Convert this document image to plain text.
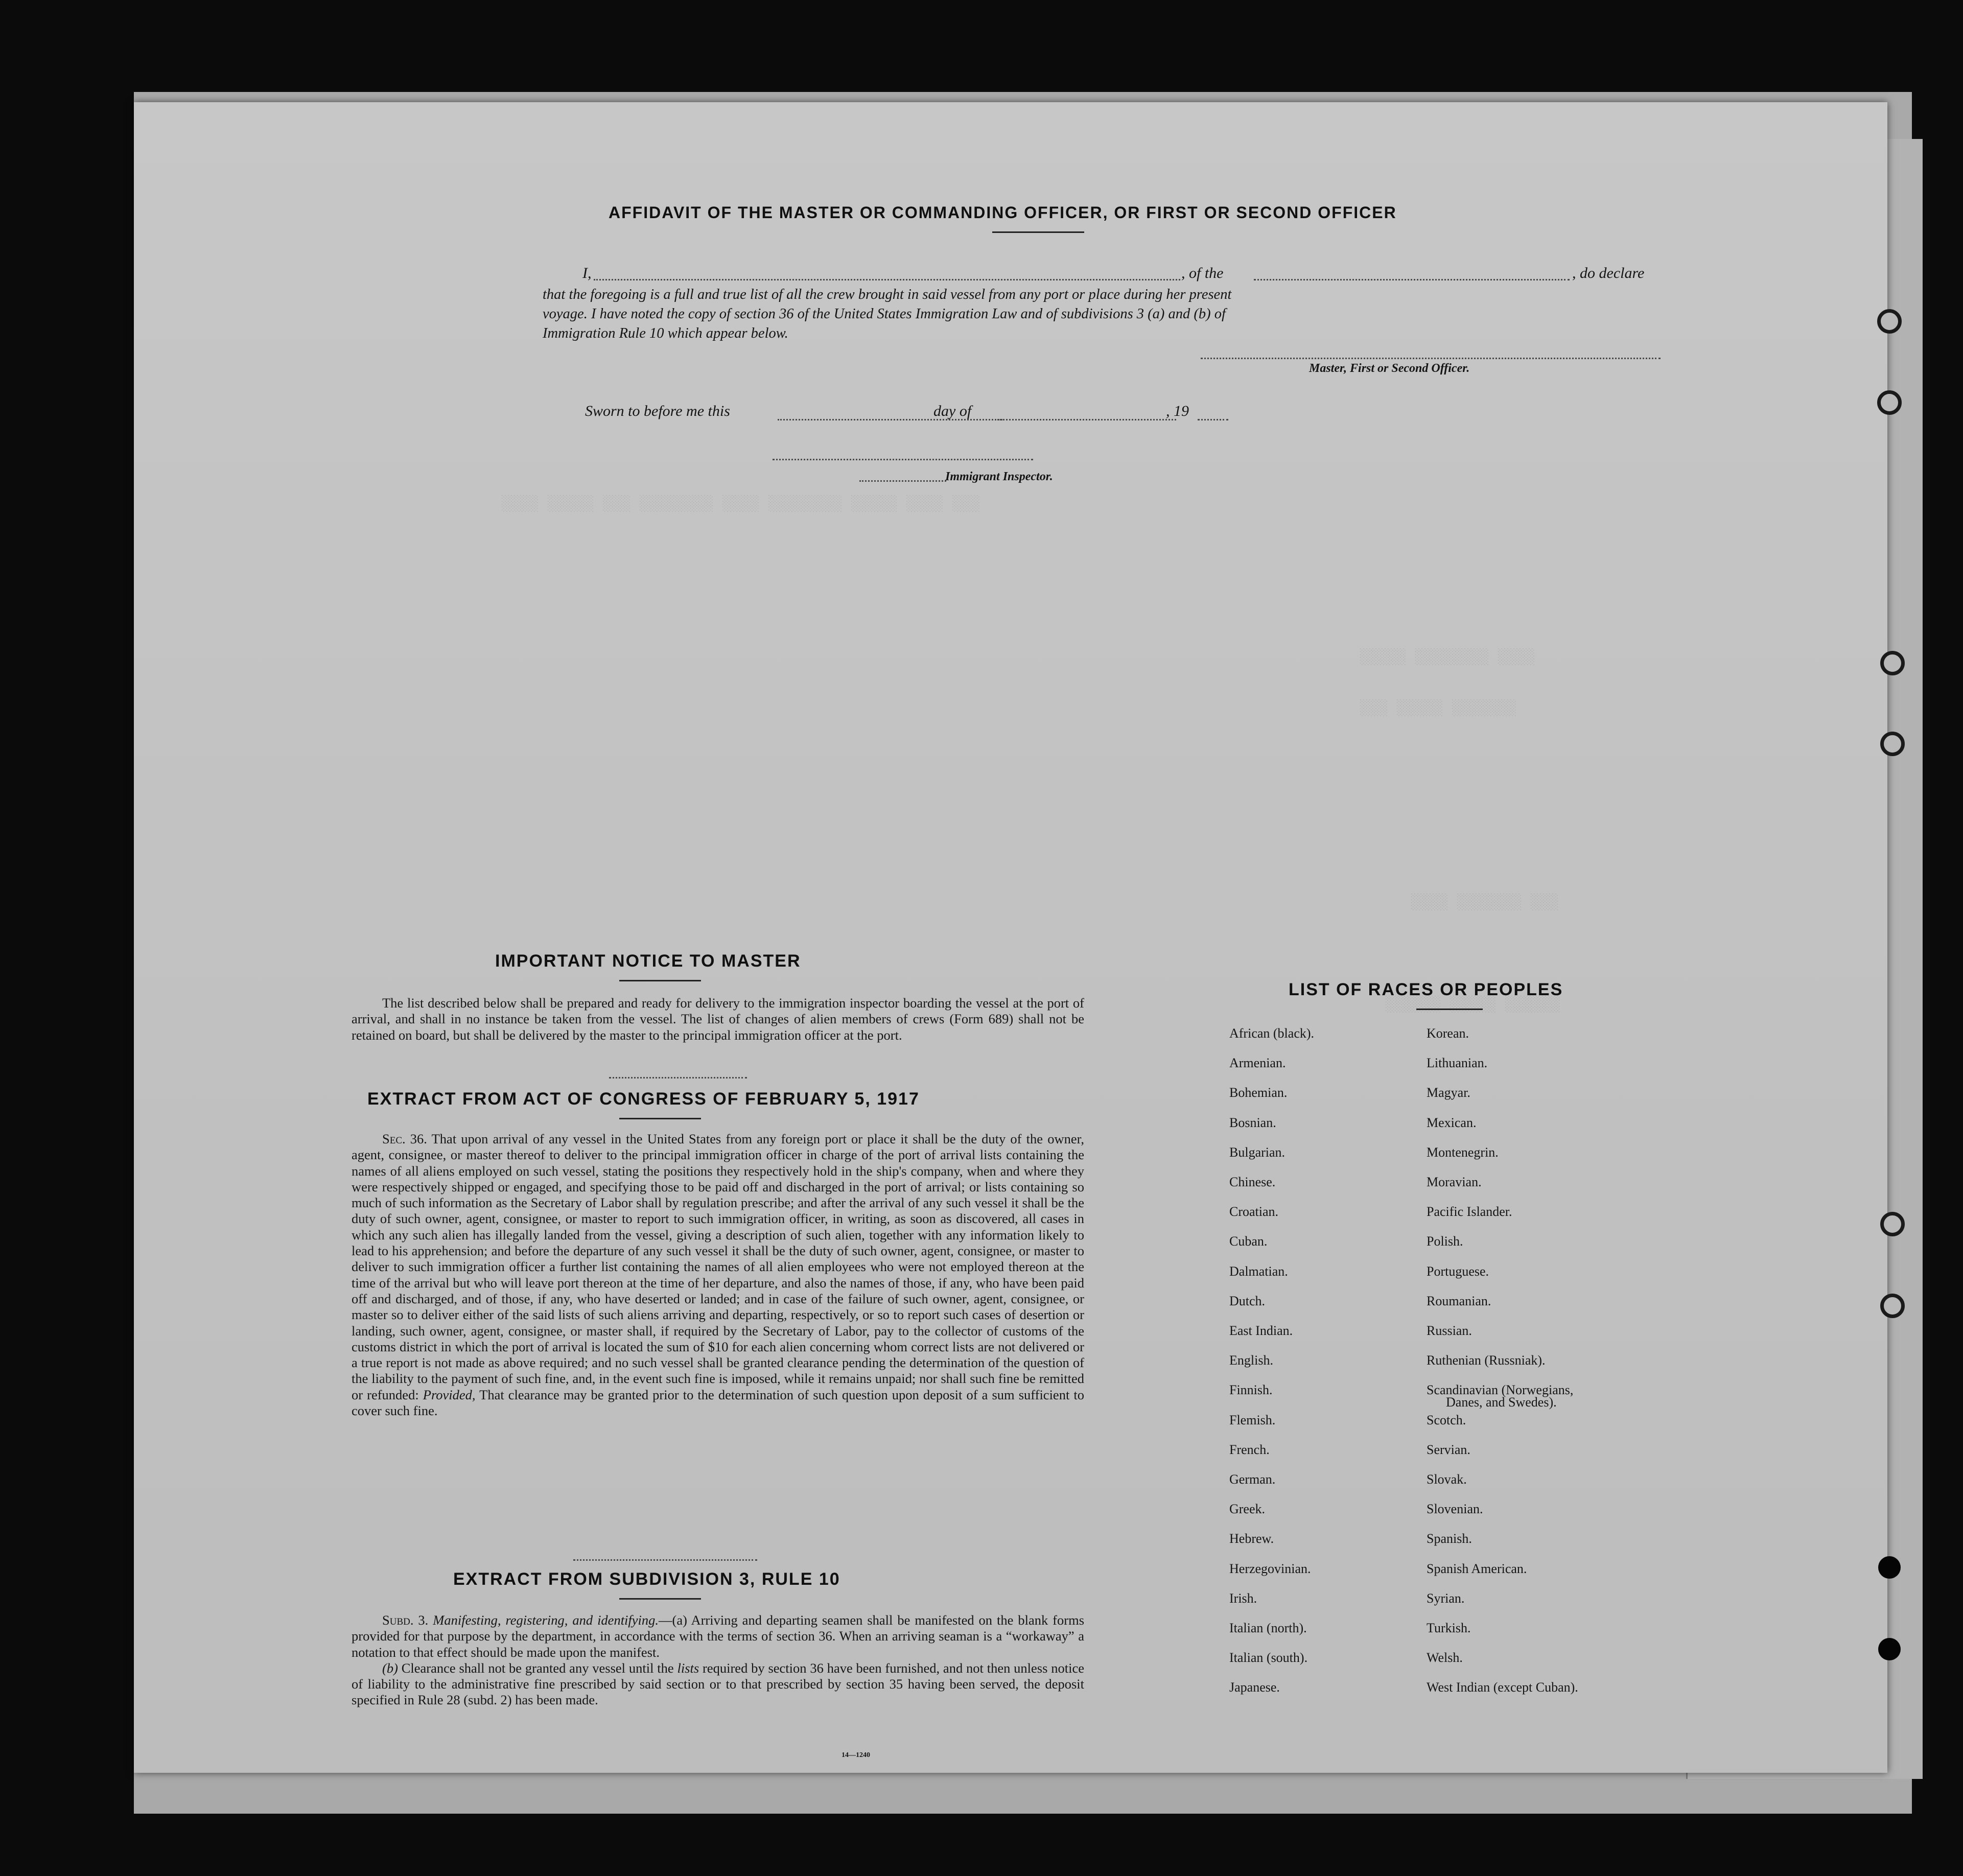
░░░░ ░░░░░ ░░░ ░░░░░░░░ ░░░░ ░░░░░░░░ ░░░░░ ░░░░ ░░░
░░░░░ ░░░░░░░░ ░░░░
░░░ ░░░░░ ░░░░░░░
░░░░ ░░░░░░░ ░░░
░░░░░░ ░░░░░ ░░░░░░
AFFIDAVIT OF THE MASTER OR COMMANDING OFFICER, OR FIRST OR SECOND OFFICER
I,	, of the	, do declare
that the foregoing is a full and true list of all the crew brought in said vessel from any port or place during her present
voyage. I have noted the copy of section 36 of the United States Immigration Law and of subdivisions 3 (a) and (b) of
Immigration Rule 10 which appear below.
Master, First or Second Officer.
Sworn to before me this	day of	, 19
Immigrant Inspector.
IMPORTANT NOTICE TO MASTER

The list described below shall be prepared and ready for delivery to the immigration inspector boarding the vessel at the port of arrival, and shall in no instance be taken from the vessel. The list of changes of alien members of crews (Form 689) shall not be retained on board, but shall be delivered by the master to the principal immigration officer at the port.

EXTRACT FROM ACT OF CONGRESS OF FEBRUARY 5, 1917

Sec. 36. That upon arrival of any vessel in the United States from any foreign port or place it shall be the duty of the owner, agent, consignee, or master thereof to deliver to the principal immigration officer in charge of the port of arrival lists containing the names of all aliens employed on such vessel, stating the positions they respectively hold in the ship's company, when and where they were respectively shipped or engaged, and specifying those to be paid off and discharged in the port of arrival; or lists containing so much of such information as the Secretary of Labor shall by regulation prescribe; and after the arrival of any such vessel it shall be the duty of such owner, agent, consignee, or master to report to such immigration officer, in writing, as soon as discovered, all cases in which any such alien has illegally landed from the vessel, giving a description of such alien, together with any information likely to lead to his apprehension; and before the departure of any such vessel it shall be the duty of such owner, agent, consignee, or master to deliver to such immigration officer a further list containing the names of all alien employees who were not employed thereon at the time of the arrival but who will leave port thereon at the time of her departure, and also the names of those, if any, who have been paid off and discharged, and of those, if any, who have deserted or landed; and in case of the failure of such owner, agent, consignee, or master so to deliver either of the said lists of such aliens arriving and departing, respectively, or so to report such cases of desertion or landing, such owner, agent, consignee, or master shall, if required by the Secretary of Labor, pay to the collector of customs of the customs district in which the port of arrival is located the sum of $10 for each alien concerning whom correct lists are not delivered or a true report is not made as above required; and no such vessel shall be granted clearance pending the determination of the question of the liability to the payment of such fine, and, in the event such fine is imposed, while it remains unpaid; nor shall such fine be remitted or refunded: Provided, That clearance may be granted prior to the determination of such question upon deposit of a sum sufficient to cover such fine.

EXTRACT FROM SUBDIVISION 3, RULE 10

Subd. 3. Manifesting, registering, and identifying.—(a) Arriving and departing seamen shall be manifested on the blank forms provided for that purpose by the department, in accordance with the terms of section 36. When an arriving seaman is a “workaway” a notation to that effect should be made upon the manifest.

(b) Clearance shall not be granted any vessel until the lists required by section 36 have been furnished, and not then unless notice of liability to the administrative fine prescribed by said section or to that prescribed by section 35 having been served, the deposit specified in Rule 28 (subd. 2) has been made.

14—1240
LIST OF RACES OR PEOPLES
African (black).
Armenian.
Bohemian.
Bosnian.
Bulgarian.
Chinese.
Croatian.
Cuban.
Dalmatian.
Dutch.
East Indian.
English.
Finnish.
Flemish.
French.
German.
Greek.
Hebrew.
Herzegovinian.
Irish.
Italian (north).
Italian (south).
Japanese.
Korean.
Lithuanian.
Magyar.
Mexican.
Montenegrin.
Moravian.
Pacific Islander.
Polish.
Portuguese.
Roumanian.
Russian.
Ruthenian (Russniak).
Scandinavian (Norwegians,
Scotch.
Servian.
Slovak.
Slovenian.
Spanish.
Spanish American.
Syrian.
Turkish.
Welsh.
West Indian (except Cuban).
Danes, and Swedes).
